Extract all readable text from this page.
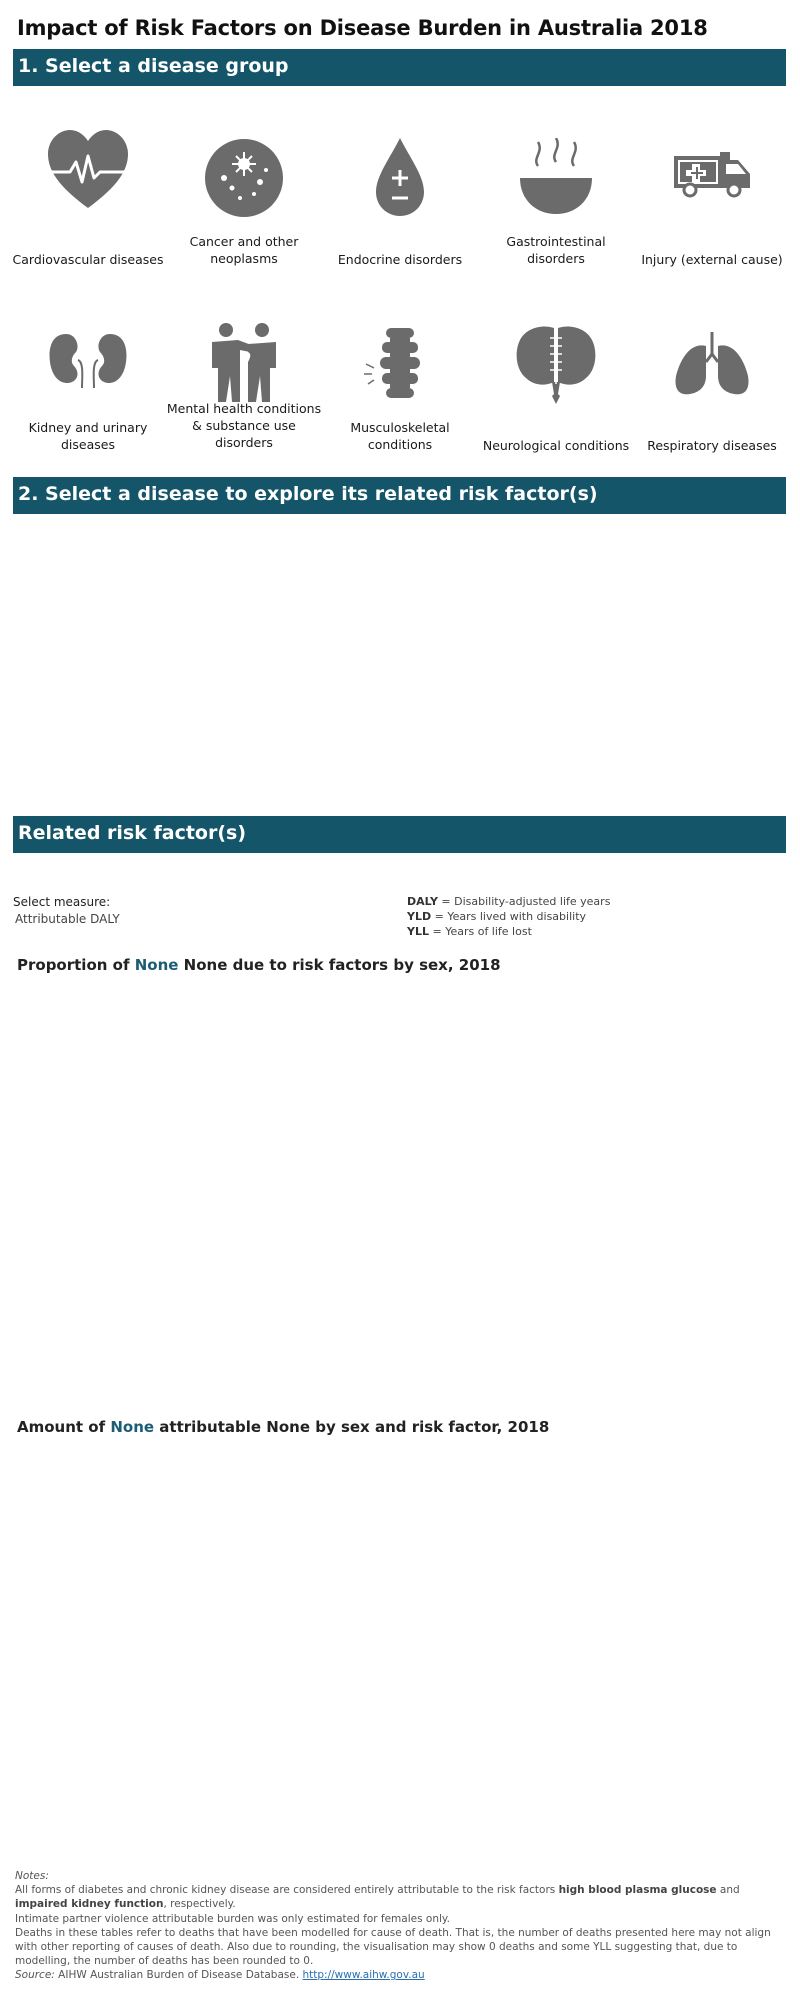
Impact of Risk Factors on Disease Burden in Australia 2018
1. Select a disease group
Cardiovascular diseases
Cancer and other neoplasms	Endocrine disorders
Gastrointestinal disorders	Injury (external cause)
Kidney and urinary diseases
Mental health conditions & substance use disorders
Musculoskeletal conditions	Neurological conditions	Respiratory diseases
2. Select a disease to explore its related risk factor(s)
Related risk factor(s)
Select measure:
Attributable DALY
DALY = Disability-adjusted life years
YLD = Years lived with disability
YLL = Years of life lost
Proportion of None None due to risk factors by sex, 2018
Amount of None attributable None by sex and risk factor, 2018
Notes:
All forms of diabetes and chronic kidney disease are considered entirely attributable to the risk factors high blood plasma glucose and impaired kidney function, respectively.
Intimate partner violence attributable burden was only estimated for females only.
Deaths in these tables refer to deaths that have been modelled for cause of death. That is, the number of deaths presented here may not align with other reporting of causes of death. Also due to rounding, the visualisation may show 0 deaths and some YLL suggesting that, due to modelling, the number of deaths has been rounded to 0.
Source: AIHW Australian Burden of Disease Database. http://www.aihw.gov.au
